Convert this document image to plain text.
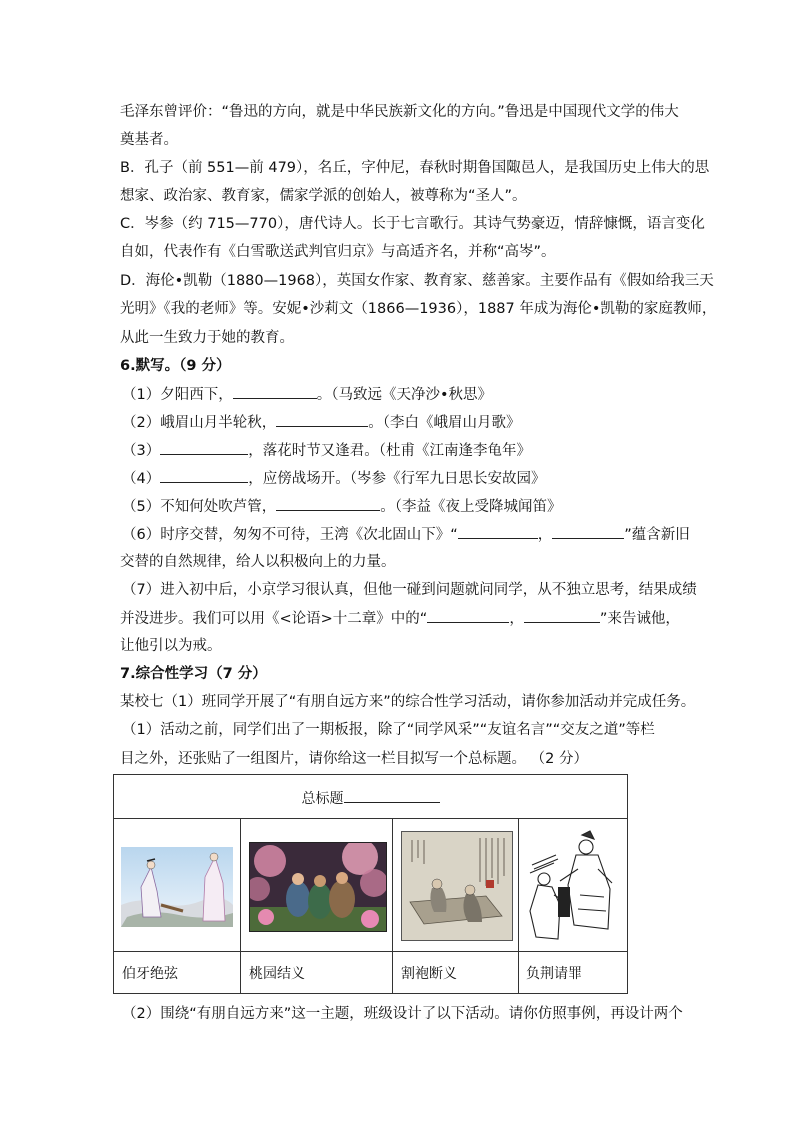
毛泽东曾评价：“鲁迅的方向，就是中华民族新文化的方向。”鲁迅是中国现代文学的伟大
奠基者。
B．孔子（前 551—前 479），名丘，字仲尼，春秋时期鲁国陬邑人，是我国历史上伟大的思
想家、政治家、教育家，儒家学派的创始人，被尊称为“圣人”。
C．岑参（约 715—770），唐代诗人。长于七言歌行。其诗气势豪迈，情辞慷慨，语言变化
自如，代表作有《白雪歌送武判官归京》与高适齐名，并称“高岑”。
D．海伦•凯勒（1880—1968），英国女作家、教育家、慈善家。主要作品有《假如给我三天
光明》《我的老师》等。安妮•沙莉文（1866—1936），1887 年成为海伦•凯勒的家庭教师，
从此一生致力于她的教育。
6.默写。（9 分）
（1）夕阳西下，	。（马致远《天净沙•秋思》
（2）峨眉山月半轮秋，	。（李白《峨眉山月歌》
（3）	，落花时节又逢君。（杜甫《江南逢李龟年》
（4）	，应傍战场开。（岑参《行军九日思长安故园》
（5）不知何处吹芦管，	。（李益《夜上受降城闻笛》
（6）时序交替，匆匆不可待，王湾《次北固山下》“	，	”蕴含新旧
交替的自然规律，给人以积极向上的力量。
（7）进入初中后，小京学习很认真，但他一碰到问题就问同学，从不独立思考，结果成绩
并没进步。我们可以用《<论语>十二章》中的“	，	”来告诫他，
让他引以为戒。
7.综合性学习（7 分）
某校七（1）班同学开展了“有朋自远方来”的综合性学习活动，请你参加活动并完成任务。
（1）活动之前，同学们出了一期板报，除了“同学风采”“友谊名言”“交友之道”等栏
目之外，还张贴了一组图片，请你给这一栏目拟写一个总标题。 （2 分）
总标题
伯牙绝弦	桃园结义	割袍断义	负荆请罪
（2）围绕“有朋自远方来”这一主题，班级设计了以下活动。请你仿照事例，再设计两个
